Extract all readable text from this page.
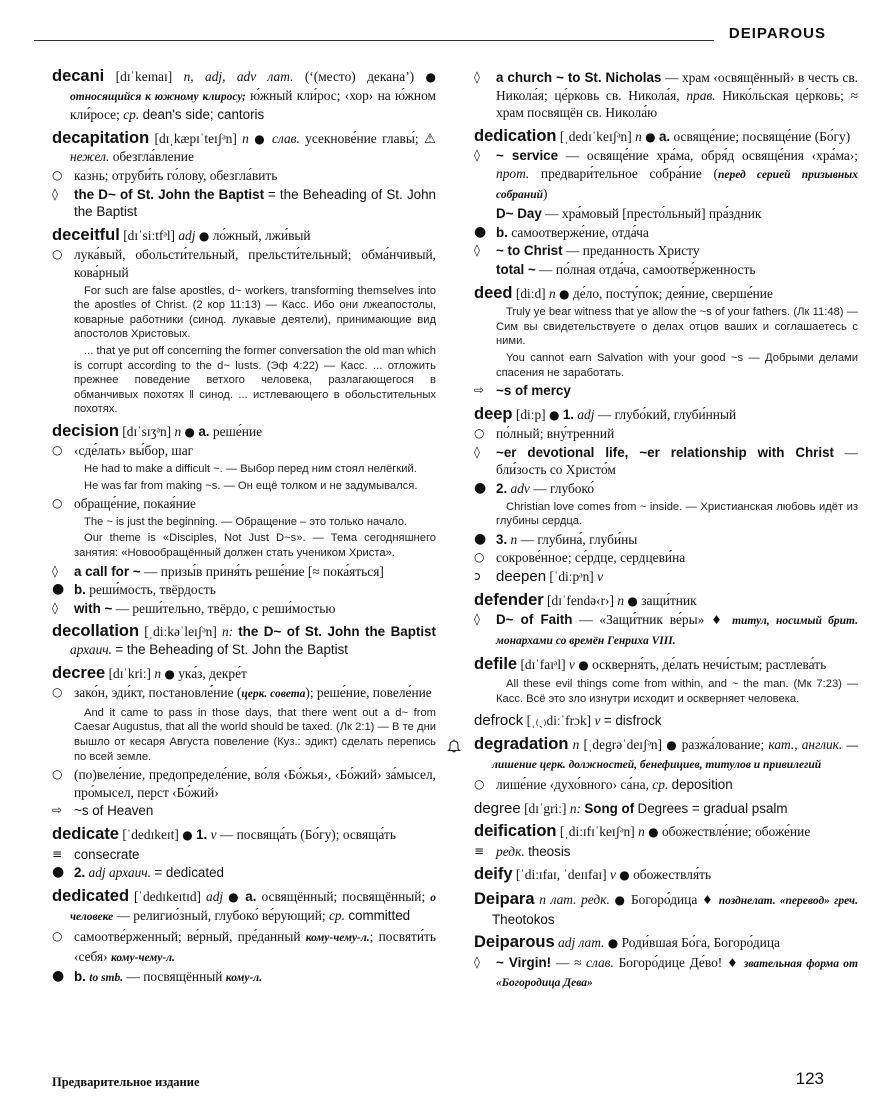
DEIPAROUS
decani [dɪˈkeɪnaɪ] n, adj, adv лат. (‘(место) декана’) ● относящийся к южному клиросу; ю́жный кли́рос; ‹хор› на ю́жном кли́росе; ср. dean's side; cantoris
decapitation [dɪˌkæpɪˈteɪʃᵊn] n ● слав. усекнове́ние главы́; ⚠ нежел. обезгла́вление
○ казнь; отруби́ть го́лову, обезгла́вить
◊	the D~ of St. John the Baptist = the Beheading of St. John the Baptist
deceitful [dɪˈsiːtfᵊl] adj ● ло́жный, лжи́вый
○ лука́вый, обольсти́тельный, прельсти́тельный; обма́нчивый, кова́рный
For such are false apostles, d~ workers, transforming themselves into the apostles of Christ. (2 кор 11:13) — Касс. Ибо они лжеапостолы, коварные работники (синод. лукавые деятели), принимающие вид апостолов Христовых.
... that ye put off concerning the former conversation the old man which is corrupt according to the d~ lusts. (Эф 4:22) — Касс. ... отложить прежнее поведение ветхого человека, разлагающегося в обманчивых похотях ‖ синод. ... истлевающего в обольстительных похотях.
decision [dɪˈsɪʒᵊn] n ● a. реше́ние
○ ‹сде́лать› вы́бор, шаг
He had to make a difficult ~. — Выбор перед ним стоял нелёгкий.
He was far from making ~s. — Он ещё толком и не задумывался.
○ обраще́ние, покая́ние
The ~ is just the beginning. — Обращение – это только начало.
Our theme is «Disciples, Not Just D~s». — Тема сегодняшнего занятия: «Новообращённый должен стать учеником Христа».
◊	a call for ~ — призы́в приня́ть реше́ние [≈ пока́яться]
● b. реши́мость, твёрдость
◊	with ~ — реши́тельно, твёрдо, с реши́мостью
decollation [ˌdiːkəˈleɪʃᵊn] n: the D~ of St. John the Baptist архаич. = the Beheading of St. John the Baptist
decree [dɪˈkriː] n ● ука́з, декре́т
○ зако́н, эди́кт, постановле́ние (церк. совета); реше́ние, повеле́ние
And it came to pass in those days, that there went out a d~ from Caesar Augustus, that all the world should be taxed. (Лк 2:1) — В те дни вышло от кесаря Августа повеление (Куз.: эдикт) сделать перепись по всей земле.
○ (по)веле́ние, предопределе́ние, во́ля ‹Бо́жья›, ‹Бо́жий› за́мысел, про́мысел, перст ‹Бо́жий›
⇨ ~s of Heaven
dedicate [ˈdedɪkeɪt] ● 1. v — посвяща́ть (Бо́гу); освяща́ть
≡ consecrate
● 2. adj архаич. = dedicated
dedicated [ˈdedɪkeɪtɪd] adj ● a. освящённый; посвящённый; о человеке — религио́зный, глубоко́ ве́рующий; ср. committed
○ самоотве́рженный; ве́рный, пре́данный кому-чему-л.; посвяти́ть ‹себя› кому-чему-л.
● b. to smb. — посвящённый кому-л.
◊	a church ~ to St. Nicholas — храм ‹освящённый› в честь св. Никола́я; це́рковь св. Никола́я, прав. Нико́льская це́рковь; ≈ храм посвящён св. Никола́ю
dedication [ˌdedɪˈkeɪʃᵊn] n ● a. освяще́ние; посвяще́ние (Бо́гу)
◊	~ service — освяще́ние хра́ма, обря́д освяще́ния ‹хра́ма›; прот. предвари́тельное собра́ние (перед серией призывных собраний)
D~ Day — хра́мовый [престо́льный] пра́здник
● b. самоотверже́ние, отда́ча
◊	~ to Christ — преданность Христу
total ~ — по́лная отда́ча, самоотве́рженность
deed [diːd] n ● де́ло, посту́пок; дея́ние, сверше́ние
Truly ye bear witness that ye allow the ~s of your fathers. (Лк 11:48) — Сим вы свидетельствуете о делах отцов ваших и соглашаетесь с ними.
You cannot earn Salvation with your good ~s — Добрыми делами спасения не заработать.
⇨ ~s of mercy
deep [diːp] ● 1. adj — глубо́кий, глуби́нный
○ по́лный; вну́тренний
◊	~er devotional life, ~er relationship with Christ — бли́зость со Христо́м
● 2. adv — глубоко́
Christian love comes from ~ inside. — Христианская любовь идёт из глубины сердца.
● 3. n — глубина́, глуби́ны
○ сокрове́нное; се́рдце, сердцеви́на
ↄ	deepen [ˈdiːpᵊn] v
defender [dɪˈfendə‹r›] n ● защи́тник
◊	D~ of Faith — «Защи́тник ве́ры» ♦ титул, носимый брит. монархами со времён Генриха VIII.
defile [dɪˈfaɪᵊl] v ● оскверня́ть, де́лать нечи́стым; растлева́ть
All these evil things come from within, and ~ the man. (Мк 7:23) — Касс. Всё это зло изнутри исходит и оскверняет человека.
defrock [ˌ₍ˏ₎diːˈfrɔk] v = disfrock
degradation n [ˌdegrəˈdeɪʃᵊn] ● разжа́лование; кат., англик. — лишение церк. должностей, бенефициев, титулов и привилегий
○ лише́ние ‹духо́вного› са́на, ср. deposition
degree [dɪˈgriː] n: Song of Degrees = gradual psalm
deification [ˌdiːɪfɪˈkeɪʃᵊn] n ● обожествле́ние; обоже́ние
≡ редк. theosis
deify [ˈdiːɪfaɪ, ˈdeɪɪfaɪ] v ● обожествля́ть
Deipara n лат. редк. ● Богоро́дица ♦ позднелат. «перевод» греч. Theotokos
Deiparous adj лат. ● Роди́вшая Бо́га, Богоро́дица
◊	~ Virgin! — ≈ слав. Богоро́дице Де́во! ♦ звательная форма от «Богородица Дева»
Предварительное издание	123
